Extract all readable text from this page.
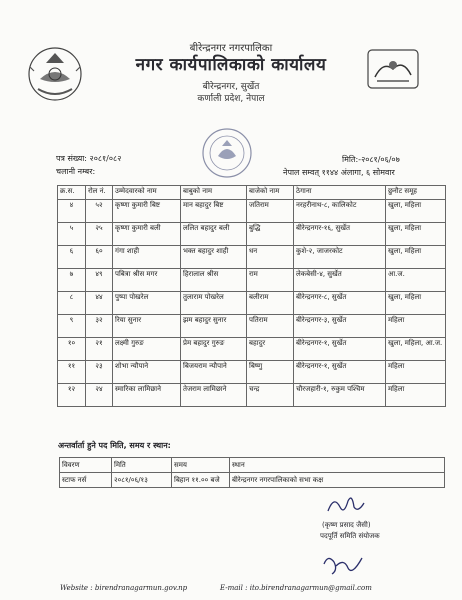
बीरेन्द्रनगर नगरपालिका
नगर कार्यपालिकाको कार्यालय
बीरेन्द्रनगर, सुर्खेत
कर्णाली प्रदेश, नेपाल
पत्र संख्या: २०८१/०८२
चलानी नम्बर:
मिति:-२०८१/०६/०७
नेपाल सम्वत् ११४४ अंलागा, ६ सोमवार
क्र.स.	रोल नं.	उम्मेदवारको नाम	बाबुको नाम	बाजेको नाम	ठेगाना	छुनौट समूह
४	५२	कृष्णा कुमारी बिष्ट	मान बहादुर बिष्ट	जतिराम	नरहरीनाथ-८, कालिकोट	खुला, महिला
५	२५	कृष्णा कुमारी बली	ललित बहादुर बली	बुद्धि	बीरेन्द्रनगर-१६, सुर्खेत	खुला, महिला
६	६०	गंगा शाही	भक्त बहादुर शाही	धन	कुशे-२, जाजरकोट	खुला, महिला
७	४९	पबित्रा श्रीस मगर	हिरालाल श्रीस	राम	लेकबेसी-४, सुर्खेत	आ.ज.
८	४४	पुष्पा पोखरेल	तुलाराम पोखरेल	बलीराम	बीरेन्द्रनगर-८, सुर्खेत	खुला, महिला
९	३२	रिया सुनार	झम बहादुर सुनार	पतिराम	बीरेन्द्रनगर-३, सुर्खेत	महिला
१०	२१	लक्ष्मी गुरुङ	प्रेम बहादुर गुरुङ	बहादुर	बीरेन्द्रनगर-१, सुर्खेत	खुला, महिला, आ.ज.
११	२३	शोभा न्यौपाने	बिजयराम न्यौपाने	बिष्णु	बीरेन्द्रनगर-१, सुर्खेत	महिला
१२	२४	स्मारिका लामिछाने	तेजराम लामिछाने	चन्द्र	चौरजहारी-१, रुकुम पश्चिम	महिला
अन्तर्वार्ता हुने पद मिति, समय र स्थान:
विवरण	मिति	समय	स्थान
स्टाफ नर्स	२०८१/०६/१३	बिहान ११.०० बजे	बीरेन्द्रनगर नगरपालिकाको सभा कक्ष
(कृष्ण प्रसाद जैसी)
पदपूर्ति समिति संयोजक
Website : birendranagarmun.gov.np	E-mail : ito.birendranagarmun@gmail.com
